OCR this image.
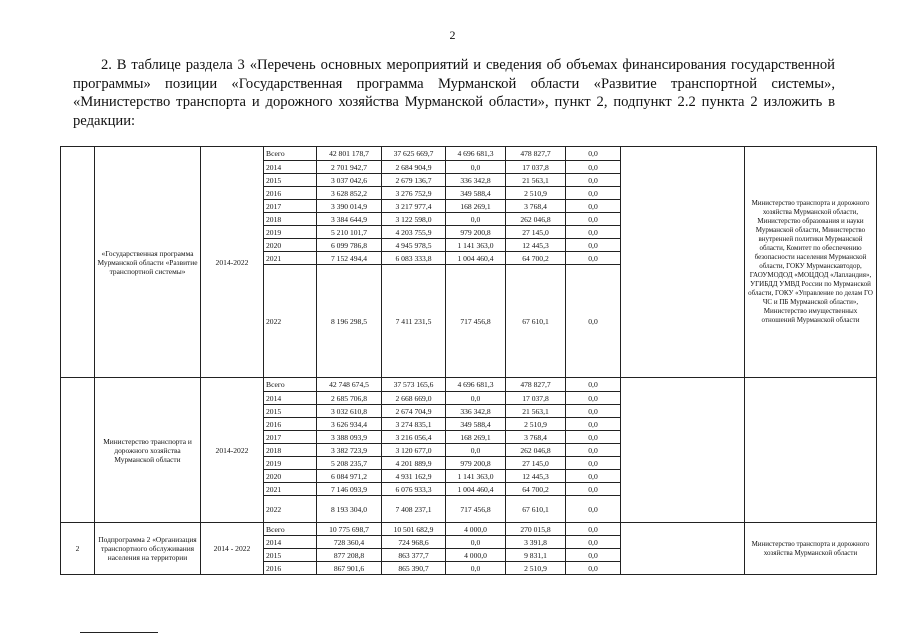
2

2. В таблице раздела 3 «Перечень основных мероприятий и сведения об объемах финансирования государственной программы» позиции «Государственная программа Мурманской области «Развитие транспортной системы», «Министерство транспорта и дорожного хозяйства Мурманской области», пункт 2, подпункт 2.2 пункта 2 изложить в редакции:

	«Государственная программа Мурманской области «Развитие транспортной системы»	2014-2022	Всего	42 801 178,7	37 625 669,7	4 696 681,3	478 827,7	0,0		Министерство транспорта и дорожного хозяйства Мурманской области, Министерство образования и науки Мурманской области, Министерство внутренней политики Мурманской области, Комитет по обеспечению безопасности населения Мурманской области, ГОКУ Мурманскавтодор, ГАОУМОДОД «МОЦДОД «Лапландия», УГИБДД УМВД России по Мурманской области, ГОКУ «Управление по делам ГО ЧС и ПБ Мурманской области», Министерство имущественных отношений Мурманской области
			2014	2 701 942,7	2 684 904,9	0,0	17 037,8	0,0		
			2015	3 037 042,6	2 679 136,7	336 342,8	21 563,1	0,0		
			2016	3 628 852,2	3 276 752,9	349 588,4	2 510,9	0,0		
			2017	3 390 014,9	3 217 977,4	168 269,1	3 768,4	0,0		
			2018	3 384 644,9	3 122 598,0	0,0	262 046,8	0,0		
			2019	5 210 101,7	4 203 755,9	979 200,8	27 145,0	0,0		
			2020	6 099 786,8	4 945 978,5	1 141 363,0	12 445,3	0,0		
			2021	7 152 494,4	6 083 333,8	1 004 460,4	64 700,2	0,0		
			2022	8 196 298,5	7 411 231,5	717 456,8	67 610,1	0,0		
	Министерство транспорта и дорожного хозяйства Мурманской области	2014-2022	Всего	42 748 674,5	37 573 165,6	4 696 681,3	478 827,7	0,0		
			2014	2 685 706,8	2 668 669,0	0,0	17 037,8	0,0		
			2015	3 032 610,8	2 674 704,9	336 342,8	21 563,1	0,0		
			2016	3 626 934,4	3 274 835,1	349 588,4	2 510,9	0,0		
			2017	3 388 093,9	3 216 056,4	168 269,1	3 768,4	0,0		
			2018	3 382 723,9	3 120 677,0	0,0	262 046,8	0,0		
			2019	5 208 235,7	4 201 889,9	979 200,8	27 145,0	0,0		
			2020	6 084 971,2	4 931 162,9	1 141 363,0	12 445,3	0,0		
			2021	7 146 093,9	6 076 933,3	1 004 460,4	64 700,2	0,0		
			2022	8 193 304,0	7 408 237,1	717 456,8	67 610,1	0,0		
2	Подпрограмма 2 «Организация транспортного обслуживания населения на территории	2014 - 2022	Всего	10 775 698,7	10 501 682,9	4 000,0	270 015,8	0,0		Министерство транспорта и дорожного хозяйства Мурманской области
			2014	728 360,4	724 968,6	0,0	3 391,8	0,0		
			2015	877 208,8	863 377,7	4 000,0	9 831,1	0,0		
			2016	867 901,6	865 390,7	0,0	2 510,9	0,0		
